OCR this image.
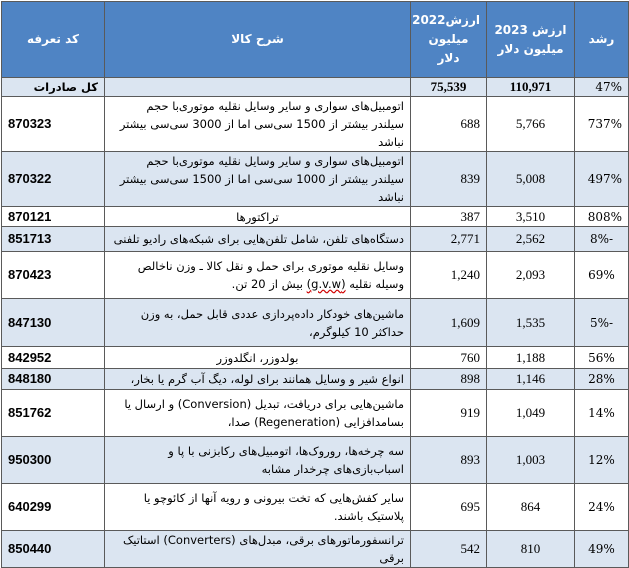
رشد	ارزش 2023 میلیون دلار	ارزش2022 میلیون دلار	شرح کالا	کد تعرفه
47%	110,971	75,539		کل صادرات
737%	5,766	688	اتومبیل‌های سواری و سایر وسایل نقلیه موتوری‌با حجم سیلندر بیشتر از 1500 سی‌سی اما از 3000 سی‌سی بیشتر نباشد	870323
497%	5,008	839	اتومبیل‌های سواری و سایر وسایل نقلیه موتوری‌با حجم سیلندر بیشتر از 1000 سی‌سی اما از 1500 سی‌سی بیشتر نباشد	870322
808%	3,510	387	تراکتورها	870121
-8%	2,562	2,771	دستگاه‌های تلفن، شامل تلفن‌هایی برای شبکه‌های رادیو تلفنی	851713
69%	2,093	1,240	وسایل نقلیه موتوری برای حمل و نقل کالا ـ وزن ناخالص وسیله نقلیه (g.v.w) بیش از 20 تن.	870423
-5%	1,535	1,609	ماشین‌های خودکار داده‌پردازی عددی قابل حمل، به وزن حداکثر 10 کیلوگرم،	847130
56%	1,188	760	بولدوزر، انگلدوزر	842952
28%	1,146	898	انواع شیر و وسایل همانند برای لوله، دیگ آب گرم یا بخار،	848180
14%	1,049	919	ماشین‌هایی برای دریافت، تبدیل (Conversion) و ارسال یا بسامدافزایی (Regeneration) صدا،	851762
12%	1,003	893	سه چرخه‌ها، روروک‌ها، اتومبیل‌های رکابزنی با پا و اسباب‌بازی‌های چرخدار مشابه	950300
24%	864	695	سایر کفش‌هایی که تخت بیرونی و رویه آنها از کائوچو یا پلاستیک باشند.	640299
49%	810	542	ترانسفورماتورهای برقی، مبدل‌های (Converters) استاتیک برقی	850440
